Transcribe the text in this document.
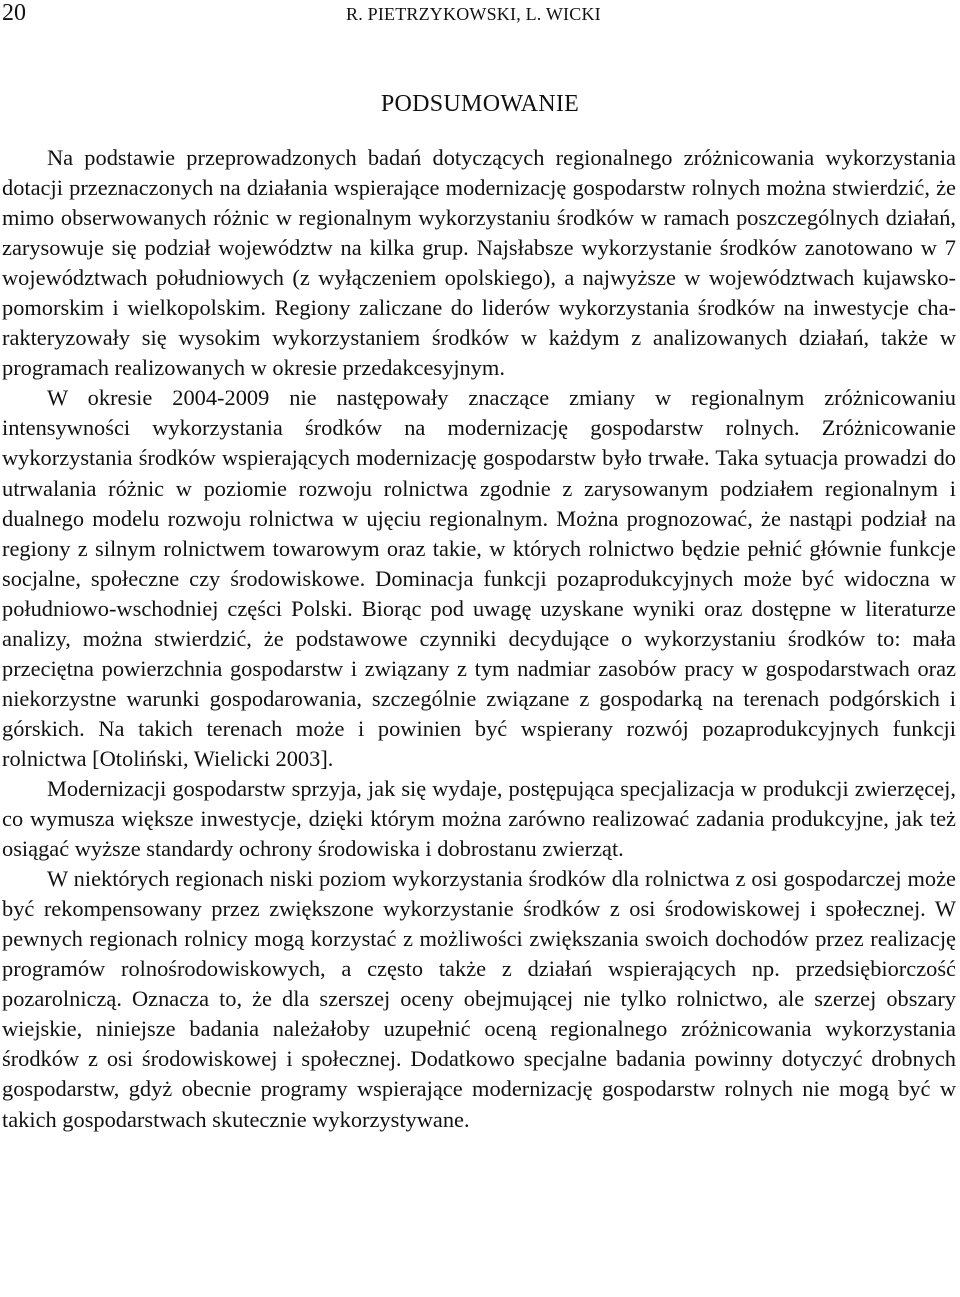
20	R. PIETRZYKOWSKI, L. WICKI
PODSUMOWANIE

Na podstawie przeprowadzonych badań dotyczących regionalnego zróżnicowania wykorzystania dotacji przeznaczonych na działania wspierające modernizację gospodarstw rolnych można stwierdzić, że mimo obserwowanych różnic w regionalnym wykorzystaniu środków w ramach poszczególnych działań, zarysowuje się podział województw na kilka grup. Najsłabsze wykorzystanie środków zanotowano w 7 województwach południowych (z wyłączeniem opolskiego), a najwyższe w województwach kujawsko-pomorskim i wielkopolskim. Regiony zaliczane do liderów wykorzystania środków na inwestycje charakteryzowały się wysokim wykorzystaniem środków w każdym z analizowanych działań, także w programach realizowanych w okresie przedakcesyjnym.

W okresie 2004-2009 nie następowały znaczące zmiany w regionalnym zróżnicowaniu intensywności wykorzystania środków na modernizację gospodarstw rolnych. Zróżnicowanie wykorzystania środków wspierających modernizację gospodarstw było trwałe. Taka sytuacja prowadzi do utrwalania różnic w poziomie rozwoju rolnictwa zgodnie z zarysowanym podziałem regionalnym i dualnego modelu rozwoju rolnictwa w ujęciu regionalnym. Można prognozować, że nastąpi podział na regiony z silnym rolnictwem towarowym oraz takie, w których rolnictwo będzie pełnić głównie funkcje socjalne, społeczne czy środowiskowe. Dominacja funkcji pozaprodukcyjnych może być widoczna w południowo-wschodniej części Polski. Biorąc pod uwagę uzyskane wyniki oraz dostępne w literaturze analizy, można stwierdzić, że podstawowe czynniki decydujące o wykorzystaniu środków to: mała przeciętna powierzchnia gospodarstw i związany z tym nadmiar zasobów pracy w gospodarstwach oraz niekorzystne warunki gospodarowania, szczególnie związane z gospodarką na terenach podgórskich i górskich. Na takich terenach może i powinien być wspierany rozwój pozaprodukcyjnych funkcji rolnictwa [Otoliński, Wielicki 2003].

Modernizacji gospodarstw sprzyja, jak się wydaje, postępująca specjalizacja w produkcji zwierzęcej, co wymusza większe inwestycje, dzięki którym można zarówno realizować zadania produkcyjne, jak też osiągać wyższe standardy ochrony środowiska i dobrostanu zwierząt.

W niektórych regionach niski poziom wykorzystania środków dla rolnictwa z osi gospodarczej może być rekompensowany przez zwiększone wykorzystanie środków z osi środowiskowej i społecznej. W pewnych regionach rolnicy mogą korzystać z możliwości zwiększania swoich dochodów przez realizację programów rolnośrodowiskowych, a często także z działań wspierających np. przedsiębiorczość pozarolniczą. Oznacza to, że dla szerszej oceny obejmującej nie tylko rolnictwo, ale szerzej obszary wiejskie, niniejsze badania należałoby uzupełnić oceną regionalnego zróżnicowania wykorzystania środków z osi środowiskowej i społecznej. Dodatkowo specjalne badania powinny dotyczyć drobnych gospodarstw, gdyż obecnie programy wspierające modernizację gospodarstw rolnych nie mogą być w takich gospodarstwach skutecznie wykorzystywane.
